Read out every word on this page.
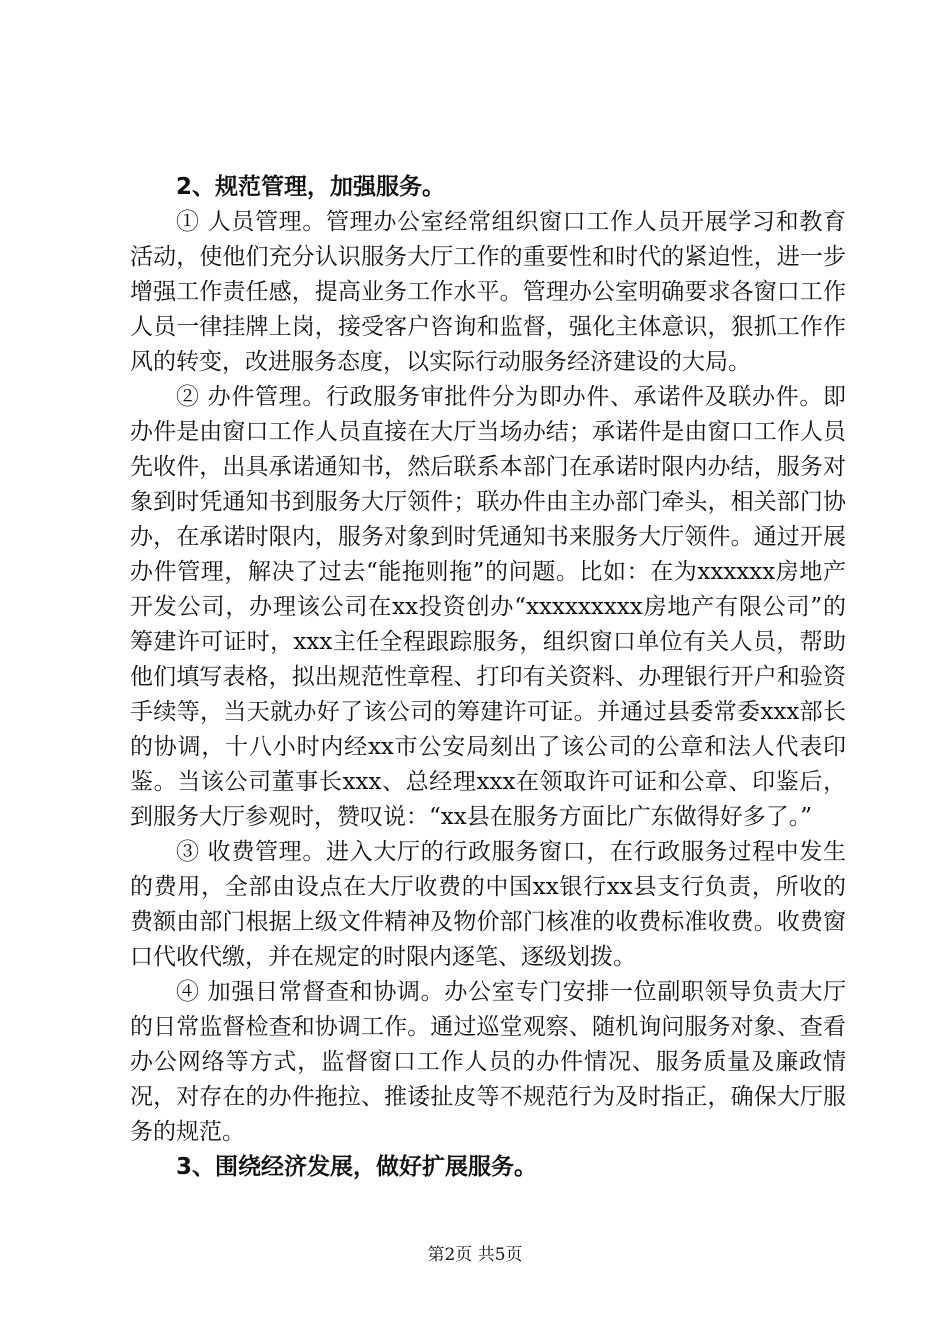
2、规范管理，加强服务。

① 人员管理。管理办公室经常组织窗口工作人员开展学习和教育活动，使他们充分认识服务大厅工作的重要性和时代的紧迫性，进一步增强工作责任感，提高业务工作水平。管理办公室明确要求各窗口工作人员一律挂牌上岗，接受客户咨询和监督，强化主体意识，狠抓工作作风的转变，改进服务态度，以实际行动服务经济建设的大局。

② 办件管理。行政服务审批件分为即办件、承诺件及联办件。即办件是由窗口工作人员直接在大厅当场办结；承诺件是由窗口工作人员先收件，出具承诺通知书，然后联系本部门在承诺时限内办结，服务对象到时凭通知书到服务大厅领件；联办件由主办部门牵头，相关部门协办，在承诺时限内，服务对象到时凭通知书来服务大厅领件。通过开展办件管理，解决了过去“能拖则拖”的问题。比如：在为xxxxxx房地产开发公司，办理该公司在xx投资创办“xxxxxxxxx房地产有限公司”的筹建许可证时，xxx主任全程跟踪服务，组织窗口单位有关人员，帮助他们填写表格，拟出规范性章程、打印有关资料、办理银行开户和验资手续等，当天就办好了该公司的筹建许可证。并通过县委常委xxx部长的协调，十八小时内经xx市公安局刻出了该公司的公章和法人代表印鉴。当该公司董事长xxx、总经理xxx在领取许可证和公章、印鉴后，到服务大厅参观时，赞叹说：“xx县在服务方面比广东做得好多了。”

③ 收费管理。进入大厅的行政服务窗口，在行政服务过程中发生的费用，全部由设点在大厅收费的中国xx银行xx县支行负责，所收的费额由部门根据上级文件精神及物价部门核准的收费标准收费。收费窗口代收代缴，并在规定的时限内逐笔、逐级划拨。

④ 加强日常督查和协调。办公室专门安排一位副职领导负责大厅的日常监督检查和协调工作。通过巡堂观察、随机询问服务对象、查看办公网络等方式，监督窗口工作人员的办件情况、服务质量及廉政情况，对存在的办件拖拉、推诿扯皮等不规范行为及时指正，确保大厅服务的规范。

3、围绕经济发展，做好扩展服务。

第2页 共5页
